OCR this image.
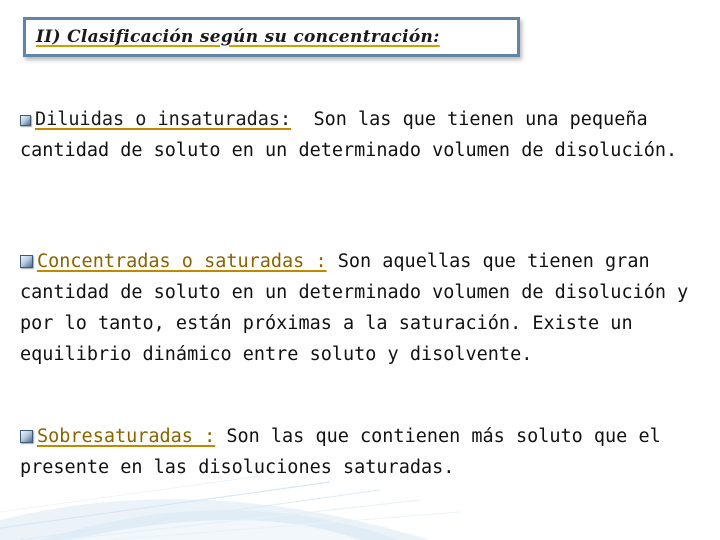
II) Clasificación según su concentración:

Diluidas o insaturadas: Son las que tienen una pequeña cantidad de soluto en un determinado volumen de disolución.

Concentradas o saturadas : Son aquellas que tienen gran cantidad de soluto en un determinado volumen de disolución y por lo tanto, están próximas a la saturación. Existe un equilibrio dinámico entre soluto y disolvente.

Sobresaturadas : Son las que contienen más soluto que el presente en las disoluciones saturadas.
